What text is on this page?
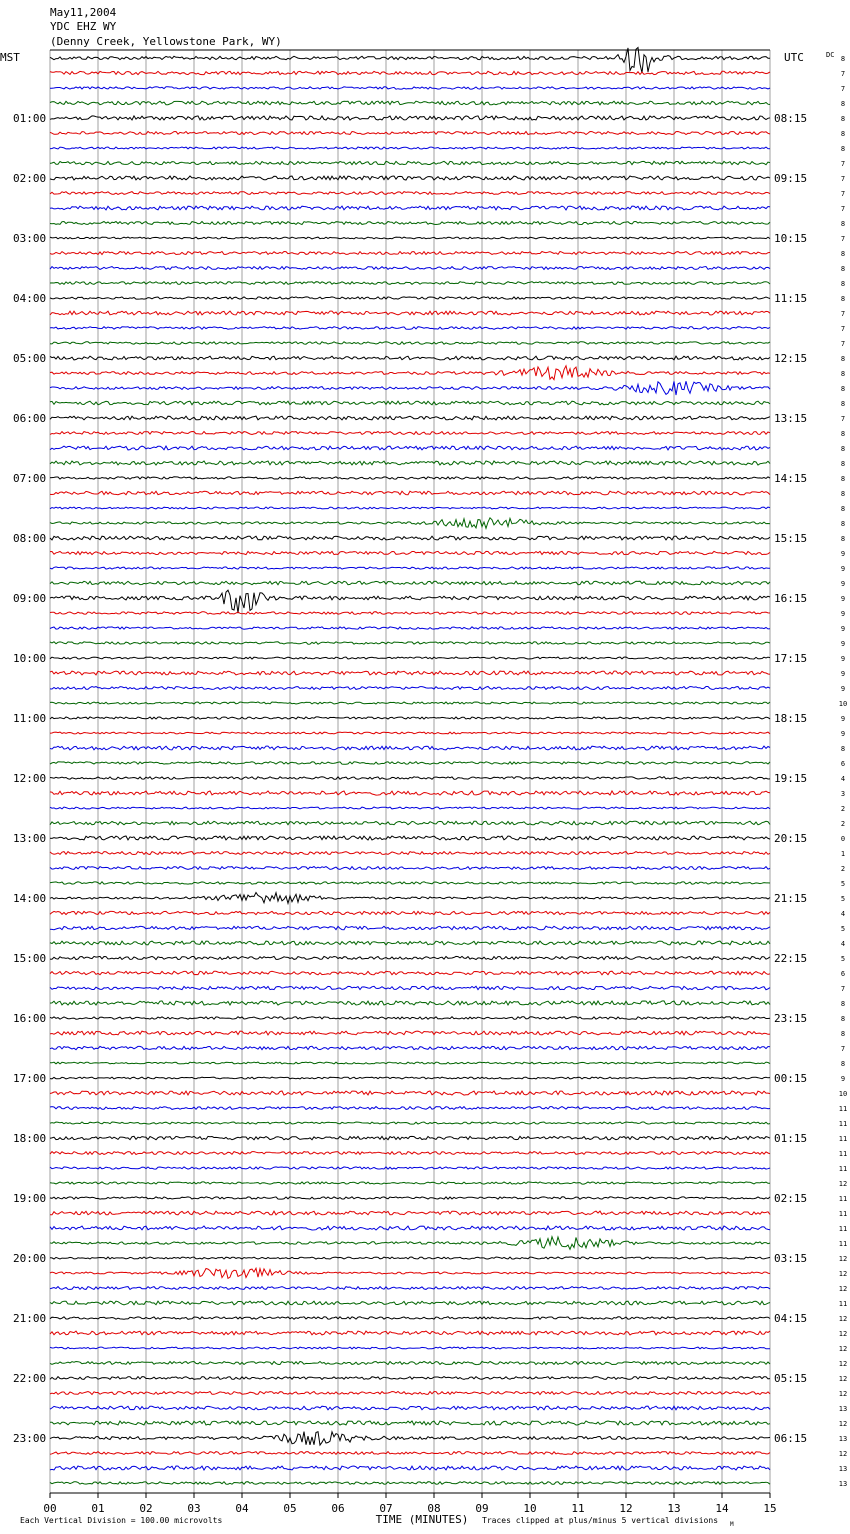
May11,2004
YDC EHZ WY
(Denny Creek, Yellowstone Park, WY)
MST	UTC	DC
01:00
02:00
03:00
04:00
05:00
06:00
07:00
08:00
09:00
10:00
11:00
12:00
13:00
14:00
15:00
16:00
17:00
18:00
19:00
20:00
21:00
22:00
23:00
08:15
09:15
10:15
11:15
12:15
13:15
14:15
15:15
16:15
17:15
18:15
19:15
20:15
21:15
22:15
23:15
00:15
01:15
02:15
03:15
04:15
05:15
06:15
8
7
7
8
8
8
8
7
7
7
7
8
7
8
8
8
8
7
7
7
8
8
8
8
7
8
8
8
8
8
8
8
8
9
9
9
9
9
9
9
9
9
9
10
9
9
8
6
4
3
2
2
0
1
2
5
5
4
5
4
5
6
7
8
8
8
7
8
9
10
11
11
11
11
11
12
11
11
11
11
12
12
12
11
12
12
12
12
12
12
13
12
13
12
13
13
00	01	02	03	04	05	06	07	08	09	10	11	12	13	14	15
TIME (MINUTES)
Each Vertical Division = 100.00 microvolts	Traces clipped at plus/minus 5 vertical divisions M
